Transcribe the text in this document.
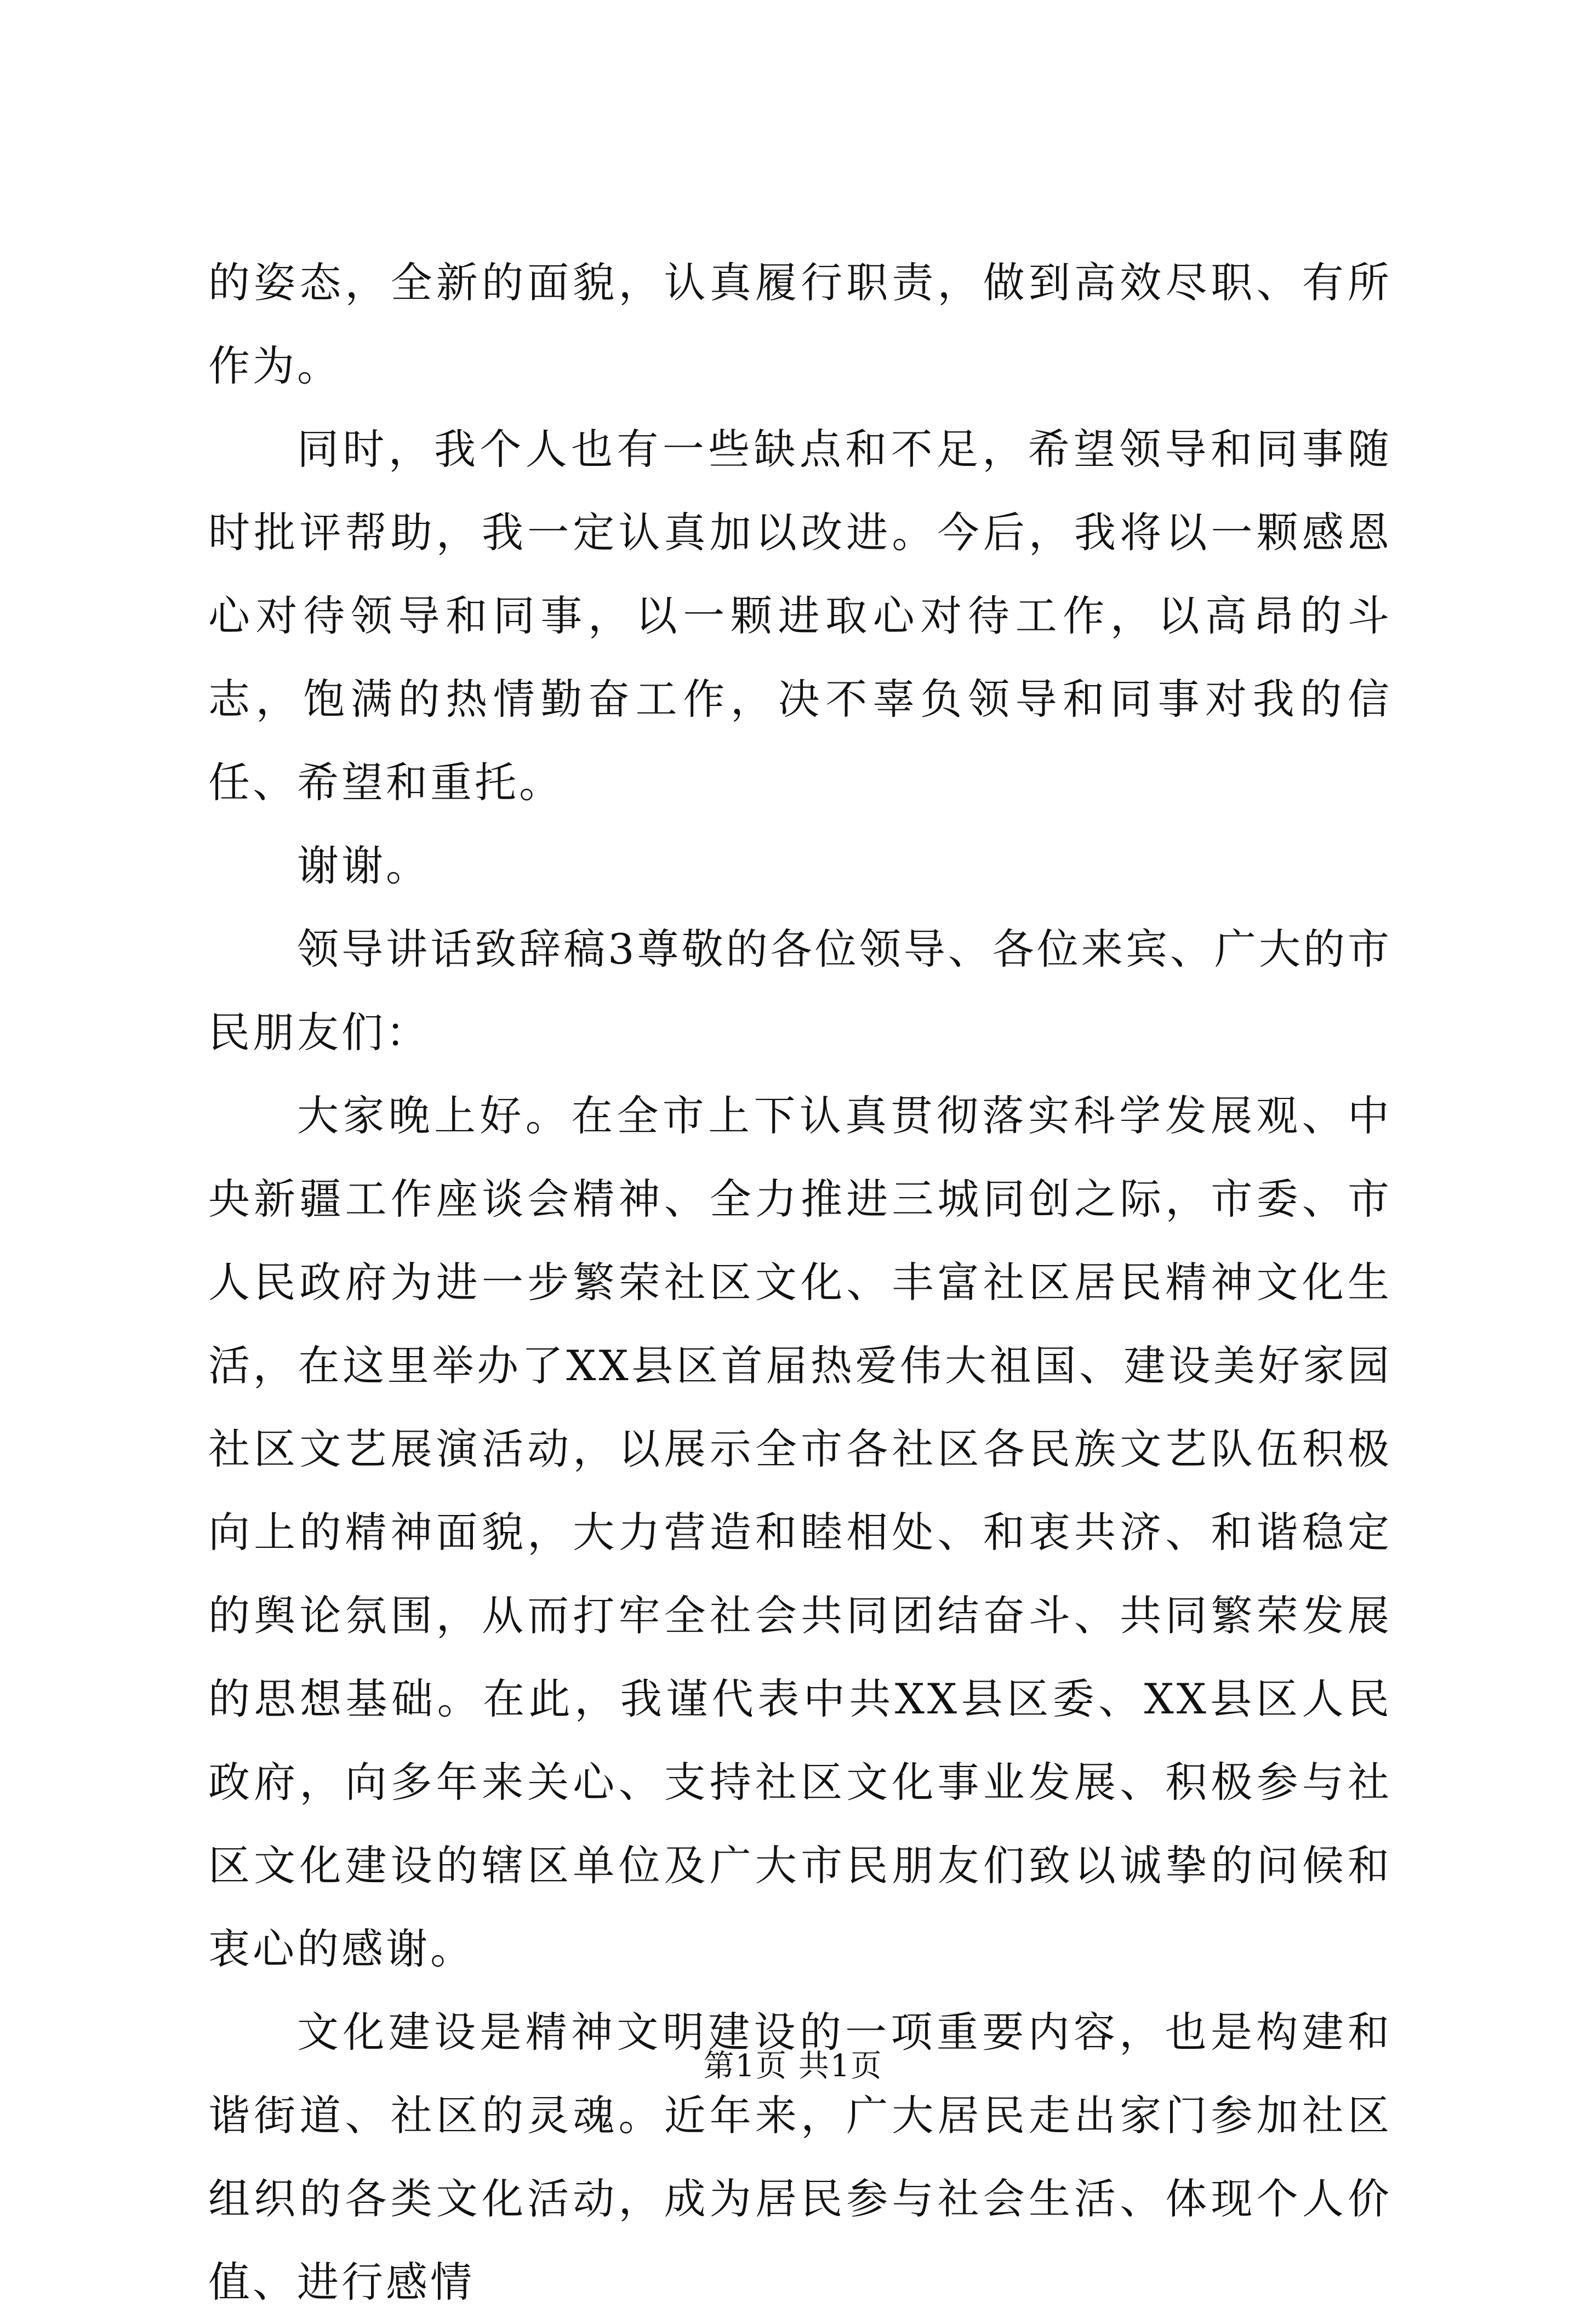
的姿态，全新的面貌，认真履行职责，做到高效尽职、有所作为。

同时，我个人也有一些缺点和不足，希望领导和同事随时批评帮助，我一定认真加以改进。今后，我将以一颗感恩心对待领导和同事，以一颗进取心对待工作，以高昂的斗志，饱满的热情勤奋工作，决不辜负领导和同事对我的信任、希望和重托。

谢谢。

领导讲话致辞稿3尊敬的各位领导、各位来宾、广大的市民朋友们：

大家晚上好。在全市上下认真贯彻落实科学发展观、中央新疆工作座谈会精神、全力推进三城同创之际，市委、市人民政府为进一步繁荣社区文化、丰富社区居民精神文化生活，在这里举办了XX县区首届热爱伟大祖国、建设美好家园社区文艺展演活动，以展示全市各社区各民族文艺队伍积极向上的精神面貌，大力营造和睦相处、和衷共济、和谐稳定的舆论氛围，从而打牢全社会共同团结奋斗、共同繁荣发展的思想基础。在此，我谨代表中共XX县区委、XX县区人民政府，向多年来关心、支持社区文化事业发展、积极参与社区文化建设的辖区单位及广大市民朋友们致以诚挚的问候和衷心的感谢。

文化建设是精神文明建设的一项重要内容，也是构建和谐街道、社区的灵魂。近年来，广大居民走出家门参加社区组织的各类文化活动，成为居民参与社会生活、体现个人价值、进行感情

第1页 共1页
